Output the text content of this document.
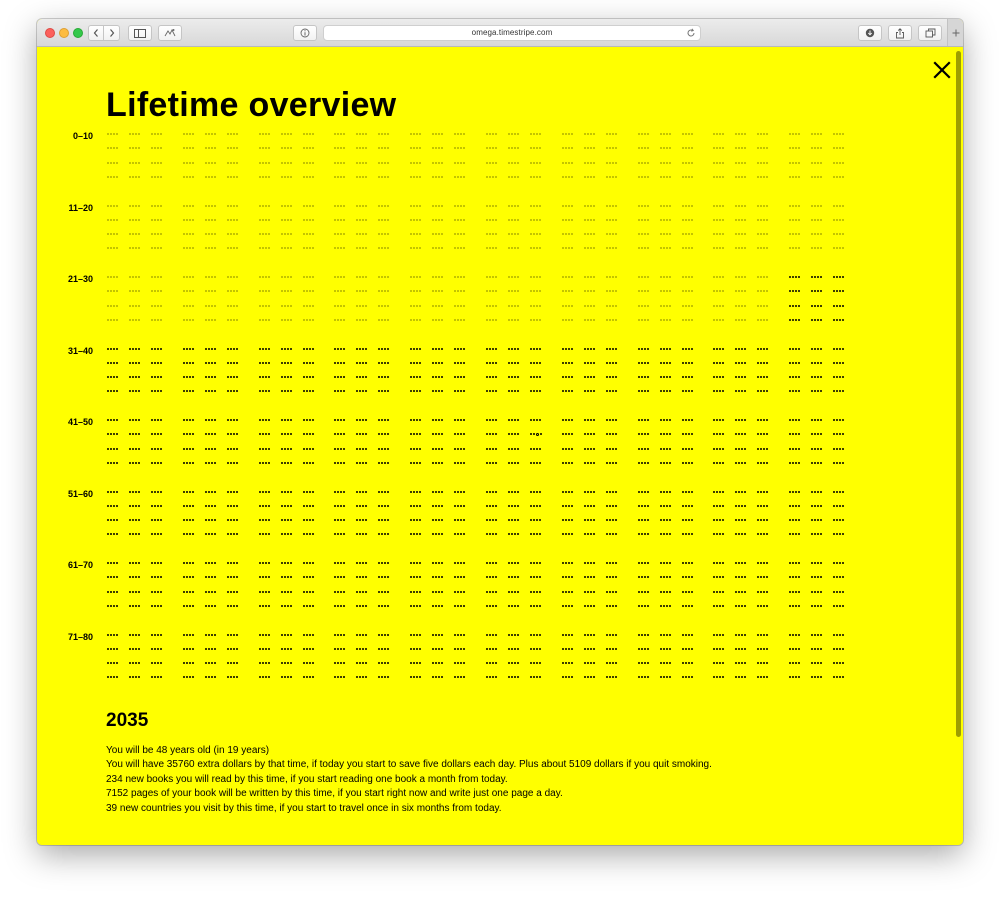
omega.timestripe.com
Lifetime overview
0–10
11–20
21–30
31–40
41–50
51–60
61–70
71–80
2035

You will be 48 years old (in 19 years)

You will have 35760 extra dollars by that time, if today you start to save five dollars each day. Plus about 5109 dollars if you quit smoking.

234 new books you will read by this time, if you start reading one book a month from today.

7152 pages of your book will be written by this time, if you start right now and write just one page a day.

39 new countries you visit by this time, if you start to travel once in six months from today.
